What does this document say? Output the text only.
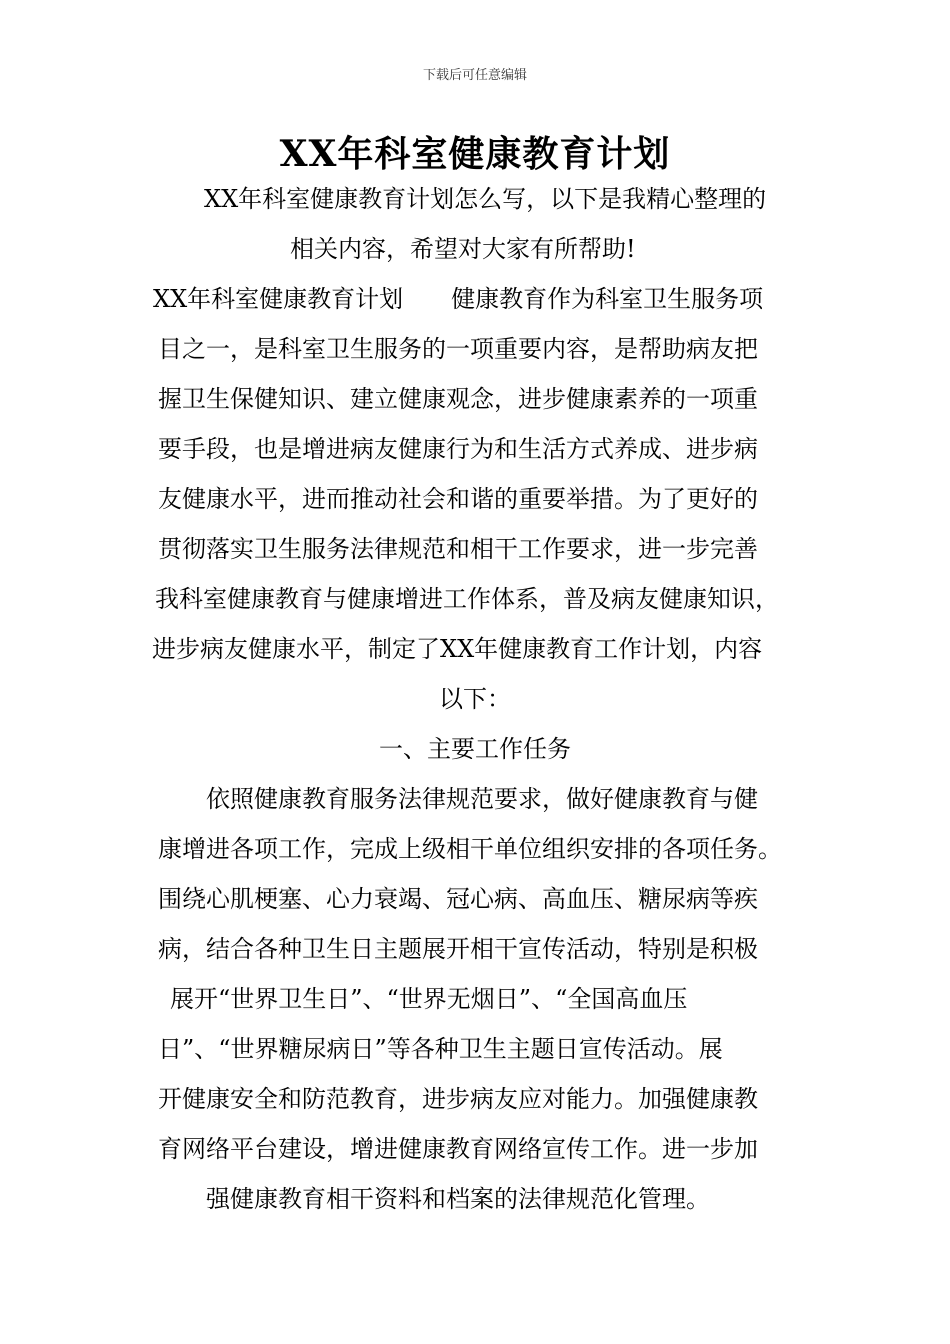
下载后可任意编辑
XX年科室健康教育计划
XX年科室健康教育计划怎么写，以下是我精心整理的
相关内容，希望对大家有所帮助!
XX年科室健康教育计划　　健康教育作为科室卫生服务项
目之一，是科室卫生服务的一项重要内容，是帮助病友把
握卫生保健知识、建立健康观念，进步健康素养的一项重
要手段，也是增进病友健康行为和生活方式养成、进步病
友健康水平，进而推动社会和谐的重要举措。为了更好的
贯彻落实卫生服务法律规范和相干工作要求，进一步完善
我科室健康教育与健康增进工作体系，普及病友健康知识，
进步病友健康水平，制定了XX年健康教育工作计划，内容
以下：
一、主要工作任务
依照健康教育服务法律规范要求，做好健康教育与健
康增进各项工作，完成上级相干单位组织安排的各项任务。
围绕心肌梗塞、心力衰竭、冠心病、高血压、糖尿病等疾
病，结合各种卫生日主题展开相干宣传活动，特别是积极
展开“世界卫生日”、“世界无烟日”、“全国高血压
日”、“世界糖尿病日”等各种卫生主题日宣传活动。展
开健康安全和防范教育，进步病友应对能力。加强健康教
育网络平台建设，增进健康教育网络宣传工作。进一步加
强健康教育相干资料和档案的法律规范化管理。
